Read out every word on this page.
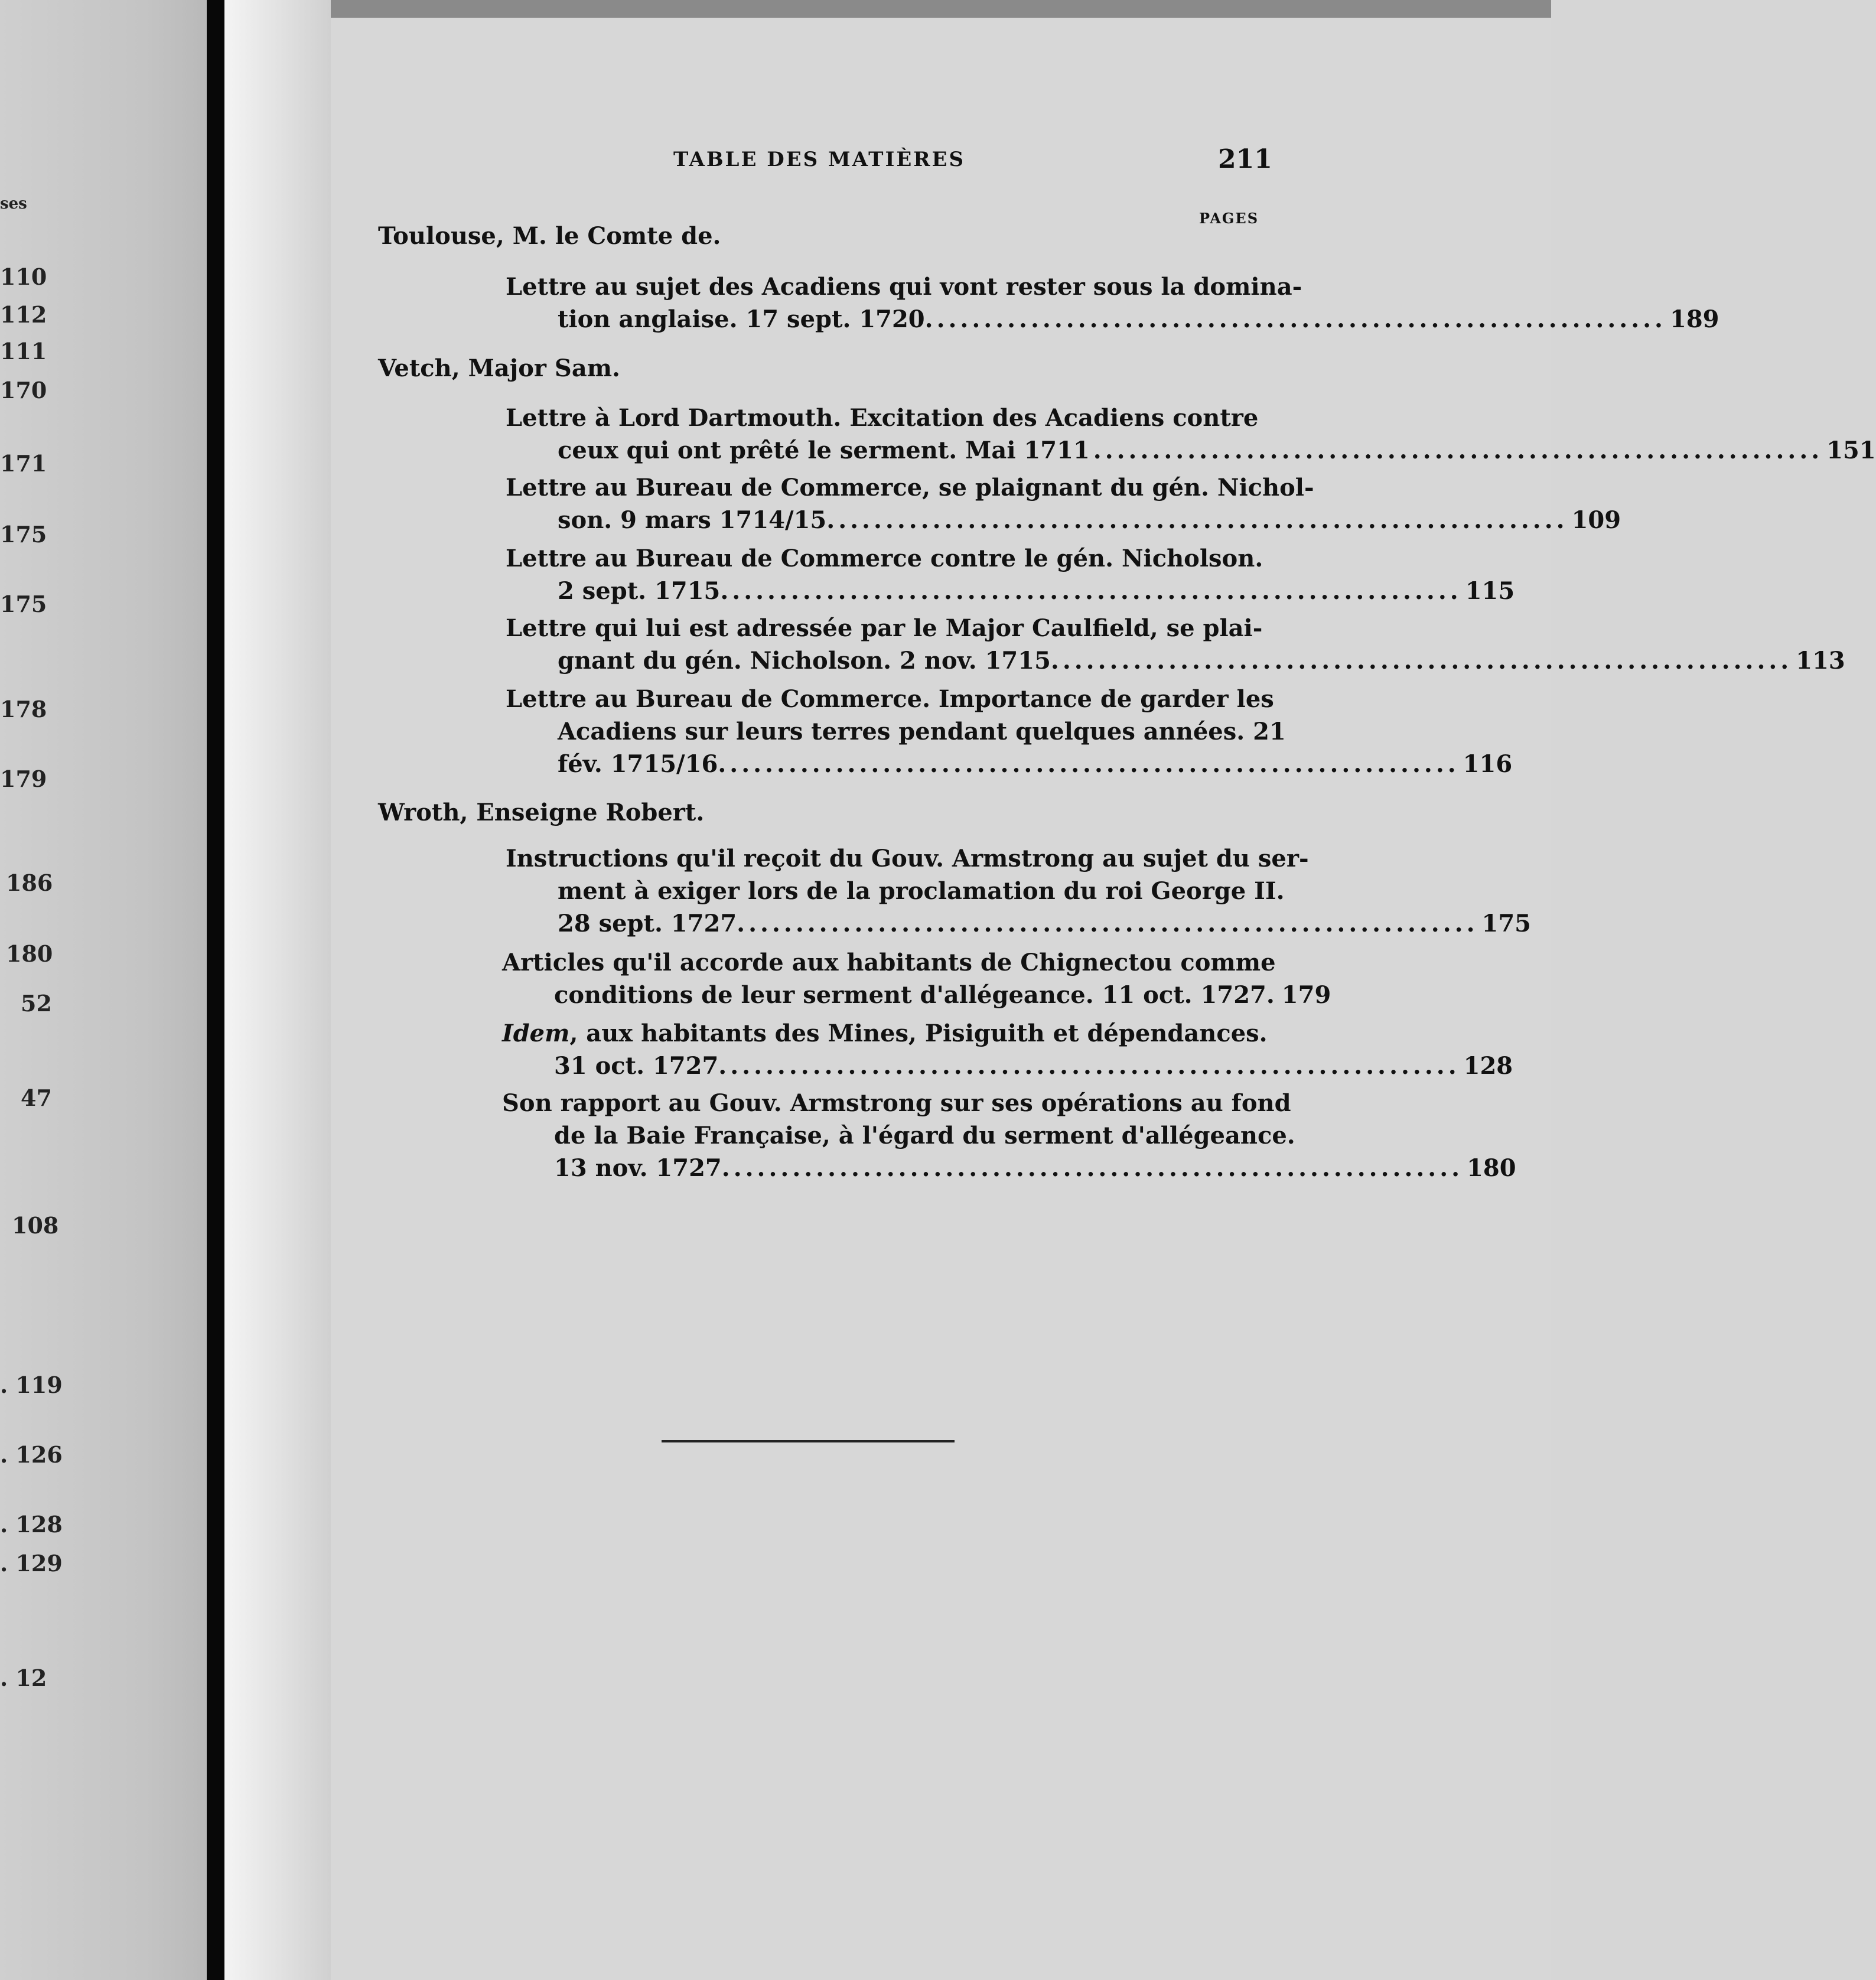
ses
110
112
111
170
171
175
175
178
179
186
180
52
47
108
. 119
. 126
. 128
. 129
. 12
TABLE DES MATIÈRES	211
PAGES
Toulouse, M. le Comte de.
Lettre au sujet des Acadiens qui vont rester sous la domina-
tion anglaise. 17 sept. 1720. .............................................................. 189
Vetch, Major Sam.
Lettre à Lord Dartmouth. Excitation des Acadiens contre
ceux qui ont prêté le serment. Mai 1711 .............................................................. 151
Lettre au Bureau de Commerce, se plaignant du gén. Nichol-
son. 9 mars 1714/15. .............................................................. 109
Lettre au Bureau de Commerce contre le gén. Nicholson.
2 sept. 1715. .............................................................. 115
Lettre qui lui est adressée par le Major Caulfield, se plai-
gnant du gén. Nicholson. 2 nov. 1715. .............................................................. 113
Lettre au Bureau de Commerce. Importance de garder les
Acadiens sur leurs terres pendant quelques années. 21
fév. 1715/16. .............................................................. 116
Wroth, Enseigne Robert.
Instructions qu'il reçoit du Gouv. Armstrong au sujet du ser-
ment à exiger lors de la proclamation du roi George II.
28 sept. 1727. .............................................................. 175
Articles qu'il accorde aux habitants de Chignectou comme
conditions de leur serment d'allégeance. 11 oct. 1727. 179
Idem, aux habitants des Mines, Pisiguith et dépendances.
31 oct. 1727. .............................................................. 128
Son rapport au Gouv. Armstrong sur ses opérations au fond
de la Baie Française, à l'égard du serment d'allégeance.
13 nov. 1727. .............................................................. 180
